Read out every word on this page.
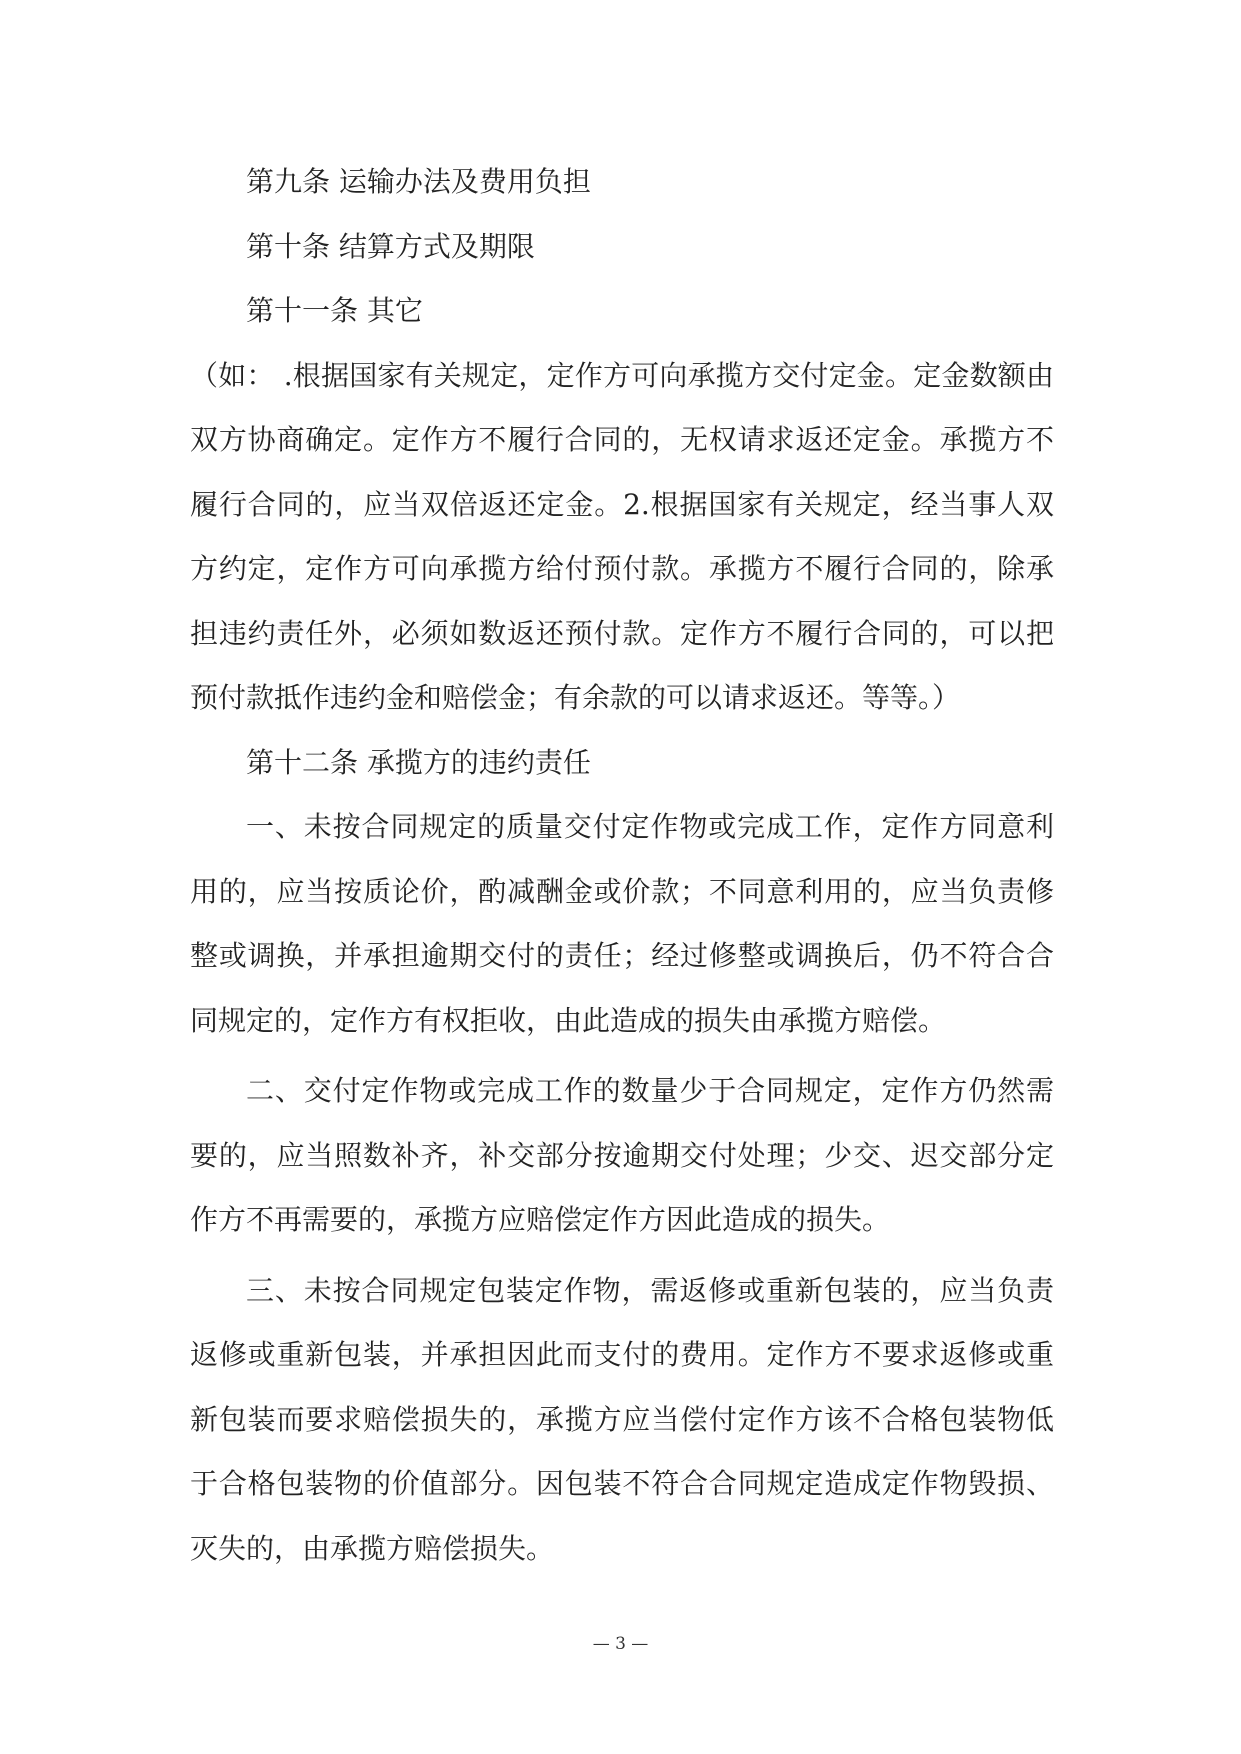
第九条 运输办法及费用负担

第十条 结算方式及期限

第十一条 其它

（如： .根据国家有关规定，定作方可向承揽方交付定金。定金数额由双方协商确定。定作方不履行合同的，无权请求返还定金。承揽方不履行合同的，应当双倍返还定金。2.根据国家有关规定，经当事人双方约定，定作方可向承揽方给付预付款。承揽方不履行合同的，除承担违约责任外，必须如数返还预付款。定作方不履行合同的，可以把预付款抵作违约金和赔偿金；有余款的可以请求返还。等等。）

第十二条 承揽方的违约责任

一、未按合同规定的质量交付定作物或完成工作，定作方同意利用的，应当按质论价，酌减酬金或价款；不同意利用的，应当负责修整或调换，并承担逾期交付的责任；经过修整或调换后，仍不符合合同规定的，定作方有权拒收，由此造成的损失由承揽方赔偿。

二、交付定作物或完成工作的数量少于合同规定，定作方仍然需要的，应当照数补齐，补交部分按逾期交付处理；少交、迟交部分定作方不再需要的，承揽方应赔偿定作方因此造成的损失。

三、未按合同规定包装定作物，需返修或重新包装的，应当负责返修或重新包装，并承担因此而支付的费用。定作方不要求返修或重新包装而要求赔偿损失的，承揽方应当偿付定作方该不合格包装物低于合格包装物的价值部分。因包装不符合合同规定造成定作物毁损、灭失的，由承揽方赔偿损失。

— 3 —
